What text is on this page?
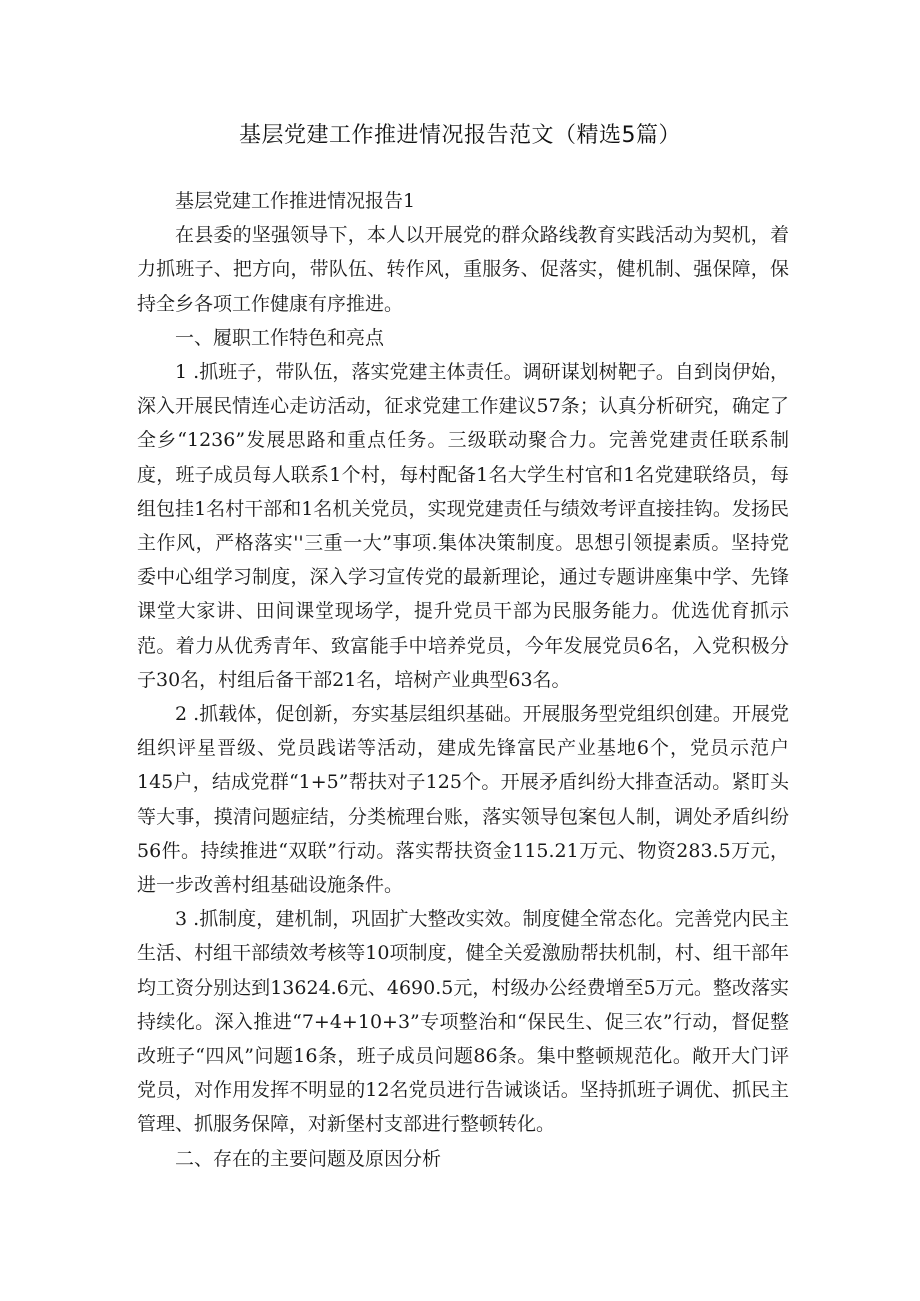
基层党建工作推进情况报告范文（精选5篇）

基层党建工作推进情况报告1

在县委的坚强领导下，本人以开展党的群众路线教育实践活动为契机，着力抓班子、把方向，带队伍、转作风，重服务、促落实，健机制、强保障，保持全乡各项工作健康有序推进。

一、履职工作特色和亮点

1 .抓班子，带队伍，落实党建主体责任。调研谋划树靶子。自到岗伊始，深入开展民情连心走访活动，征求党建工作建议57条；认真分析研究，确定了全乡“1236”发展思路和重点任务。三级联动聚合力。完善党建责任联系制度，班子成员每人联系1个村，每村配备1名大学生村官和1名党建联络员，每组包挂1名村干部和1名机关党员，实现党建责任与绩效考评直接挂钩。发扬民主作风，严格落实''三重一大”事项.集体决策制度。思想引领提素质。坚持党委中心组学习制度，深入学习宣传党的最新理论，通过专题讲座集中学、先锋课堂大家讲、田间课堂现场学，提升党员干部为民服务能力。优选优育抓示范。着力从优秀青年、致富能手中培养党员，今年发展党员6名，入党积极分子30名，村组后备干部21名，培树产业典型63名。

2 .抓载体，促创新，夯实基层组织基础。开展服务型党组织创建。开展党组织评星晋级、党员践诺等活动，建成先锋富民产业基地6个，党员示范户145户，结成党群“1+5”帮扶对子125个。开展矛盾纠纷大排查活动。紧盯头等大事，摸清问题症结，分类梳理台账，落实领导包案包人制，调处矛盾纠纷56件。持续推进“双联”行动。落实帮扶资金115.21万元、物资283.5万元，进一步改善村组基础设施条件。

3 .抓制度，建机制，巩固扩大整改实效。制度健全常态化。完善党内民主生活、村组干部绩效考核等10项制度，健全关爱激励帮扶机制，村、组干部年均工资分别达到13624.6元、4690.5元，村级办公经费增至5万元。整改落实持续化。深入推进“7+4+10+3”专项整治和“保民生、促三农”行动，督促整改班子“四风”问题16条，班子成员问题86条。集中整顿规范化。敞开大门评党员，对作用发挥不明显的12名党员进行告诫谈话。坚持抓班子调优、抓民主管理、抓服务保障，对新堡村支部进行整顿转化。

二、存在的主要问题及原因分析
